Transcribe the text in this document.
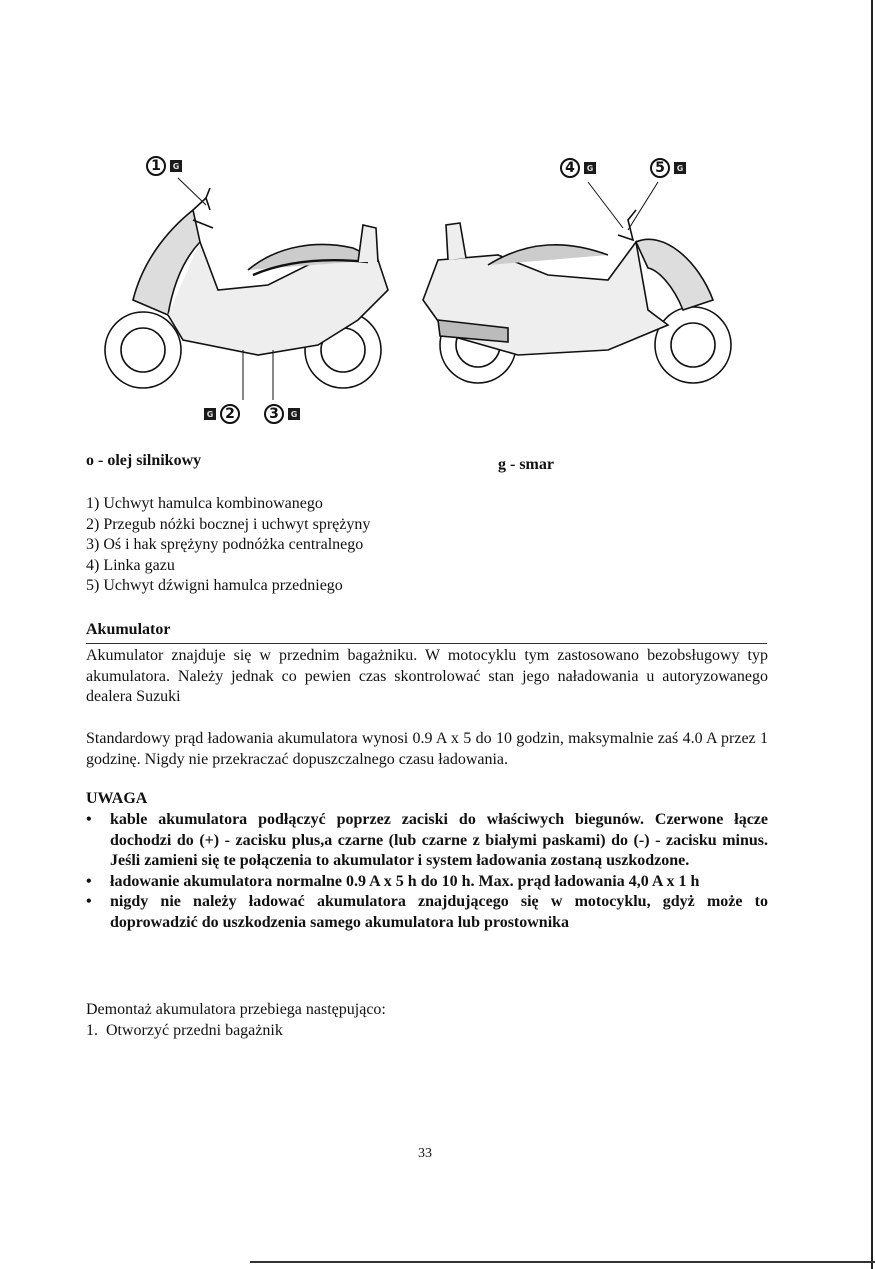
1	G
G 2	3	G
4	G	5	G
o - olej silnikowy	g - smar
1) Uchwyt hamulca kombinowanego
2) Przegub nóżki bocznej i uchwyt sprężyny
3) Oś i hak sprężyny podnóżka centralnego
4) Linka gazu
5) Uchwyt dźwigni hamulca przedniego
Akumulator

Akumulator znajduje się w przednim bagażniku. W motocyklu tym zastosowano bezobsługowy typ akumulatora. Należy jednak co pewien czas skontrolować stan jego naładowania u autoryzowanego dealera Suzuki

Standardowy prąd ładowania akumulatora wynosi 0.9 A x 5 do 10 godzin, maksymalnie zaś 4.0 A przez 1 godzinę. Nigdy nie przekraczać dopuszczalnego czasu ładowania.

UWAGA
• kable akumulatora podłączyć poprzez zaciski do właściwych biegunów. Czerwone łącze dochodzi do (+) - zacisku plus,a czarne (lub czarne z białymi paskami) do (-) - zacisku minus. Jeśli zamieni się te połączenia to akumulator i system ładowania zostaną uszkodzone.
• ładowanie akumulatora normalne 0.9 A x 5 h do 10 h. Max. prąd ładowania 4,0 A x 1 h
• nigdy nie należy ładować akumulatora znajdującego się w motocyklu, gdyż może to doprowadzić do uszkodzenia samego akumulatora lub prostownika
Demontaż akumulatora przebiega następująco:
1.  Otworzyć przedni bagażnik
33
